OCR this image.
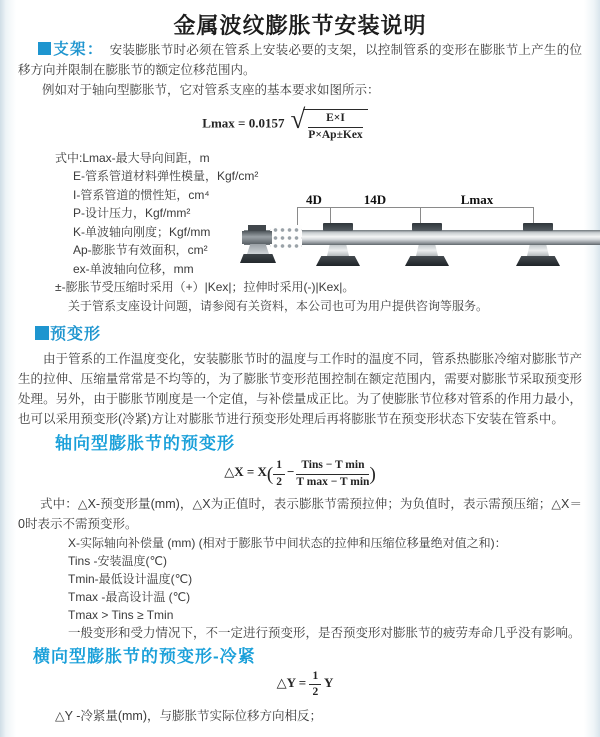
金属波纹膨胀节安装说明

支架： 安装膨胀节时必须在管系上安装必要的支架，以控制管系的变形在膨胀节上产生的位移方向并限制在膨胀节的额定位移范围内。

例如对于轴向型膨胀节，它对管系支座的基本要求如图所示：

Lmax = 0.0157 √ $\frac{E\times I}{\text{P×Ap±Kex}}$
式中:Lmax-最大导向间距，m
E-管系管道材料弹性模量，Kgf/cm²
I-管系管道的惯性矩，cm⁴
P-设计压力，Kgf/mm²
K-单波轴向刚度；Kgf/mm
Ap-膨胀节有效面积，cm²
ex-单波轴向位移，mm
±-膨胀节受压缩时采用（+）|Kex|；拉伸时采用(-)|Kex|。
关于管系支座设计问题，请参阅有关资料，本公司也可为用户提供咨询等服务。
4D	14D	Lmax
预变形

由于管系的工作温度变化，安装膨胀节时的温度与工作时的温度不同，管系热膨胀冷缩对膨胀节产生的拉伸、压缩量常常是不均等的，为了膨胀节变形范围控制在额定范围内，需要对膨胀节采取预变形处理。另外，由于膨胀节刚度是一个定值，与补偿量成正比。为了使膨胀节位移对管系的作用力最小，也可以采用预变形(冷紧)方让对膨胀节进行预变形处理后再将膨胀节在预变形状态下安装在管系中。

轴向型膨胀节的预变形
△X = $X( \frac{1}{2} - \frac{\text{Tins − T min}}{\text{T max − T min}}$ )

式中：△X-预变形量(mm)，△X为正值时，表示膨胀节需预拉伸；为负值时，表示需预压缩；△X＝0时表示不需预变形。

X-实际轴向补偿量 (mm) (相对于膨胀节中间状态的拉伸和压缩位移量绝对值之和)：
Tins -安装温度(℃)
Tmin-最低设计温度(℃)
Tmax -最高设计温 (℃)
Tmax > Tins ≥ Tmin
一般变形和受力情况下，不一定进行预变形，是否预变形对膨胀节的疲劳寿命几乎没有影响。
横向型膨胀节的预变形-冷紧
△Y = $\frac{1}{2}$ Y
△Y -冷紧量(mm)，与膨胀节实际位移方向相反；
